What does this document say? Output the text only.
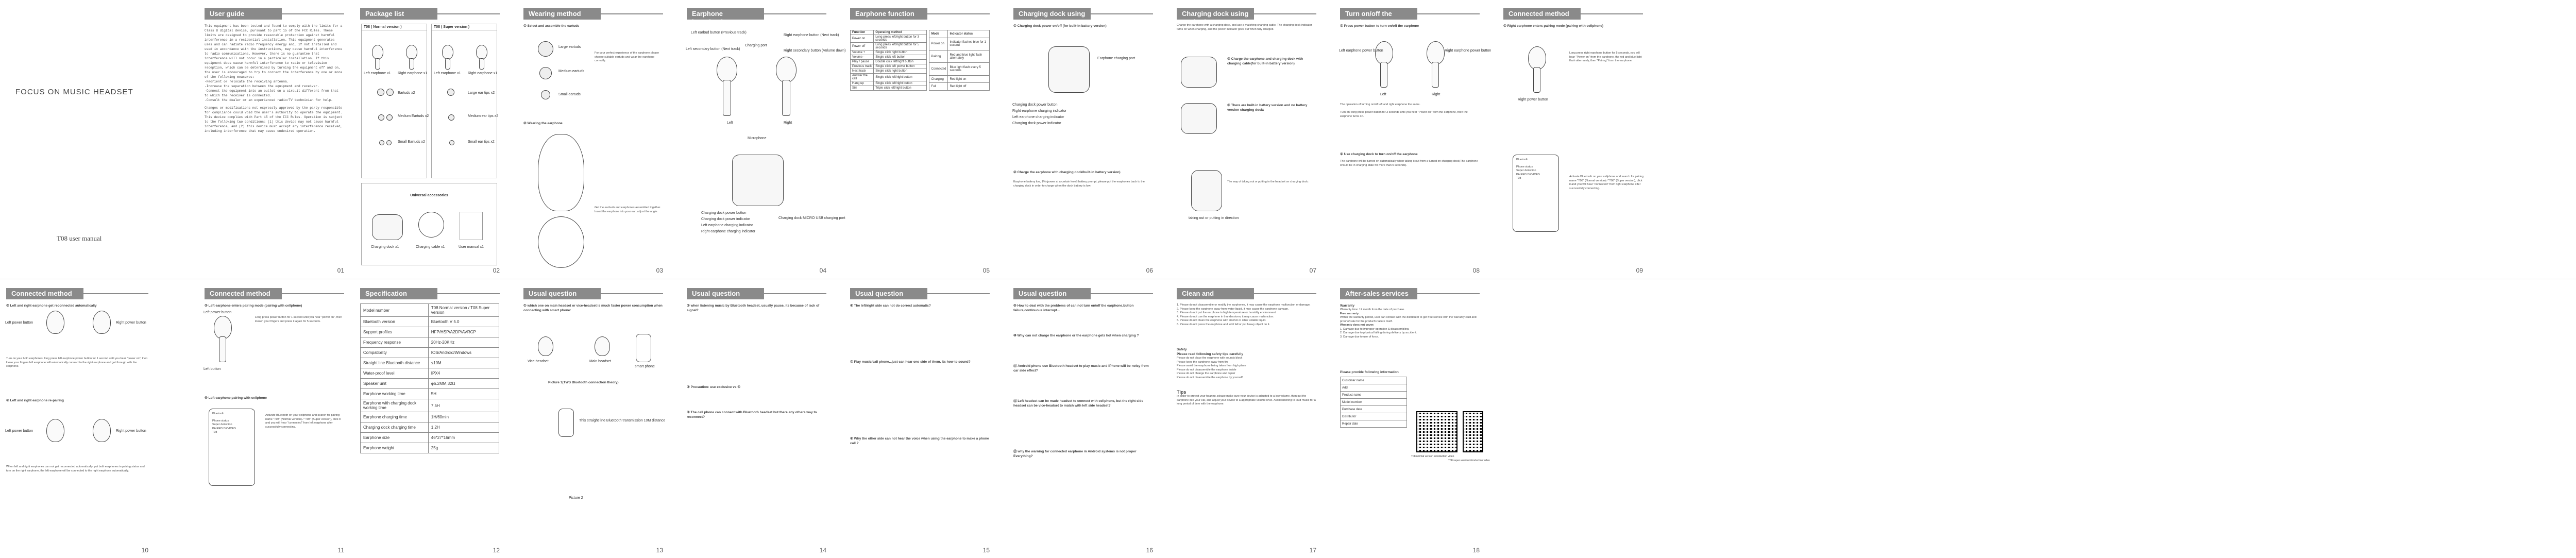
FOCUS ON MUSIC HEADSET
T08 user manual
User guide

This equipment has been tested and found to comply with the limits for a Class B digital device, pursuant to part 15 of the FCC Rules. These limits are designed to provide reasonable protection against harmful interference in a residential installation. This equipment generates uses and can radiate radio frequency energy and, if not installed and used in accordance with the instructions, may cause harmful interference to radio communications. However, there is no guarantee that interference will not occur in a particular installation. If this equipment does cause harmful interference to radio or television reception, which can be determined by turning the equipment off and on, the user is encouraged to try to correct the interference by one or more of the following measures:

-Reorient or relocate the receiving antenna.

-Increase the separation between the equipment and receiver.

-Connect the equipment into an outlet on a circuit different from that to which the receiver is connected.

-Consult the dealer or an experienced radio/TV technician for help.

Changes or modifications not expressly approved by the party responsible for compliance could void the user's authority to operate the equipment. This device complies with Part 15 of the FCC Rules. Operation is subject to the following two conditions: (1) this device may not cause harmful interference, and (2) this device must accept any interference received, including interference that may cause undesired operation.

01
Package list
T08 ( Normal version )
Left earphone x1 Right earphone x1
Eartuds x2
Medium Eartuds x2
Small Eartuds x2
T08 ( Super version )
Left earphone x1 Right earphone x1
Large ear tips x2
Medium ear tips x2
Small ear tips x2
Universal accessories
Charging dock x1	Charging cable x1	User manual x1
02
Wearing method
① Select and assemble the eartuds
Large eartuds
Medium eartuds
Small eartuds
For your perfect experience of the earphone please choose suitable eartuds and wear the earphone correctly.
② Wearing the earphone
Get the earbuds and earphones assembled together. Insert the earphone into your ear, adjust the angle.
03
Earphone introduction
Left earbud button (Previous track)
Left secondary button (Next track)
Charging port
Right earphone button (Next track)
Right secondary button (Volume down)
Left	Right
Microphone
Charging dock power button
Charging dock power indicator
Left earphone charging indicator
Right earphone charging indicator
Charging dock MICRO USB charging port
04
Earphone function
Function	Operating method
Power on	Long press left/right button for 3 seconds
Power off	Long press left/right button for 5 seconds
Volume +	Single click right button
Volume -	Single click left button
Play / pause	Double click left/right button
Previous track	Single click left power button
Next track	Single click right button
Answer the call	Single click left/right button
Hang up	Single click left/right button
Siri	Triple click left/right button
Mode	Indicator status
Power on	Indicator flashes blue for 1 second
Pairing	Red and blue light flash alternately
Connected	Blue light flash every 5 seconds
Charging	Red light on
Full	Red light off
05
Charging dock using method
① Charging dock power on/off (for built-in battery version)
Earphone charging port
Charging dock power button
Right earphone charging indicator
Left earphone charging indicator
Charging dock power indicator
② Charge the earphone with charging dock/built-in battery version)
Earphone battery low, 1% (power at a certain level) battery prompt, please put the earphones back to the charging dock in order to charge when the dock battery is low.
06
Charging dock using method
Charge the earphone with a charging dock, and use a matching charging cable. The charging dock indicator turns on when charging, and the power indicator goes out when fully charged.
③ Charge the earphone and charging dock with charging cable(for built-in battery version)
④ There are built-in battery version and no battery version charging dock:
The way of taking out or putting in the headset on charging dock:
taking out or putting in direction
07
Turn on/off the earphone
① Press power button to turn on/off the earphone
Left earphone power button	Right earphone power button
Left	Right
The operation of turning on/off left and right earphone the same.
Turn on: long press power button for 3 seconds until you hear "Power on" from the earphone, then the earphone turns on.
② Use charging dock to turn on/off the earphone
The earphone will be turned on automatically when taking it out from a turned on charging dock(The earphone should be in charging state for more than 5 seconds).
08
Connected method
① Right earphone enters pairing mode (pairing with cellphone)
Right power button
Long press right earphone button for 5 seconds, you will hear "Power on" from the earphone, the red and blue light flash alternately, then "Pairing" from the earphone.
Bluetooth
Phone status
Super detection
PAIRED DEVICES
T08	Activate Bluetooth on your cellphone and search for pairing name "T08" (Normal version) / "T08" (Super version), click it and you will hear "connected" from right earphone after successfully connecting.
09
Connected method
③ Left and right earphone get reconnected automatically
Left power button	Right power button
Turn on your both earphones, long press left earphone power button for 1 second until you hear "power on", then loose your fingers left earphone will automatically connect to the right earphone and get through with the cellphone.
④ Left and right earphone re-pairing
Left power button	Right power button
When left and right earphones can not get reconnected automatically, put both earphones in pairing status and turn on the right earphone, the left earphone will be connected to the right earphone automatically.
10
Connected method
⑤ Left earphone enters pairing mode (pairing with cellphone)
Left power button
Left button
Long press power button for 1 second until you hear "power on", then loosen your fingers and press it again for 5 seconds.
⑥ Left earphone pairing with cellphone
Bluetooth
Phone status
Super detection
PAIRED DEVICES
T08
Activate Bluetooth on your cellphone and search for pairing name "T08" (Normal version) / "T08" (Super version), click it and you will hear "connected" from left earphone after successfully connecting.
11
Specification
Model number	T08 Normal version / T08 Super version
Bluetooth version	Bluetooth V 5.0
Support profiles	HFP/HSP/A2DP/AVRCP
Frequency response	20Hz-20KHz
Compatibility	IOS/Android/Windows
Straight line Bluetooth distance	≤10M
Water-proof level	IPX4
Speaker unit	φ6.2MM,32Ω
Earphone working time	5H
Earphone with charging dock working time	7.5H
Earphone charging time	1H/60min
Charging dock charging time	1.2H
Earphone size	46*27*16mm
Earphone weight	25g
12
Usual question
① which one on main headset or vice-headset is much faster power consumption when connecting with smart phone:
Vice-headset	Main headset
smart phone
Picture 1(TWS Bluetooth connection theory)
This straight line Bluetooth transmission 10M distance
Picture 2
13
Usual question
② when listening music by Bluetooth headset, usually pause, its because of lack of signal?
③ Precaution: use exclusive vs ④
⑤ The cell phone can connect with Bluetooth headset but there any others way to reconnect?
14
Usual question
⑥ The left/right side can not do correct automatic?
⑦ Play music/call phone...just can hear one side of them. Its how to sound?
⑧ Why the other side can not hear the voice when using the earphone to make a phone call ?
15
Usual question
⑨ How to deal with the problems of can not turn on/off the earphone,button failure,continuous interrupt...
⑩ Why can not charge the earphone or the earphone gets hot when charging ?
⑪ Android phone use Bluetooth headset to play music and iPhone will be noisy from car side effect?
⑫ Left headset can be made headset to connect with cellphone, but the right side headset can be vice-headset to match with left side headset?
⑬ why the warning for connected earphone in Android systems is not proper Everything?
16
Clean and maintenance
1. Please do not disassemble or modify the earphones, it may cause the earphone malfunction or damage.
2. Please keep the earphone away from water liquid, it may cause the earphone damage.
3. Please do not put the earphone in high temperature or humidity environment.
4. Please do not use the earphone in thunderstorm, it may cause malfunction.
5. Please do not clean the earphone with alcohol or other volatile liquid.
6. Please do not press the earphone and let it fall or put heavy object on it.
Safety
Please read following safety tips carefully
Please do not place the earphone with sounds block
Please keep the earphone away from fire
Please avoid the earphone being taken from high place
Please do not disassemble the earphone inside
Please do not change the earphone and repair
Please do not disassemble the earphone by yourself
Tips
In order to protect your hearing, please make sure your device is adjusted to a low volume, then put the earphone into your ear, and adjust your device to a appropriate volume level. Avoid listening to loud music for a long period of time with the earphone.
17
After-sales services
Warranty
Warranty time: 12 month from the date of purchase.
Free warranty:
Within the warranty period, user can contact with the distributor to get free service with the warranty card and proof of sale for the product's failure itself.
Warranty does not cover:
1. Damage due to improper operation & disassembling.
2. Damage due to physical falling during delivery by accident.
3. Damage due to use of force.
Please provide following information
Customer name
Add
Product name
Model number
Purchase date
Distributor
Repair date
T08 normal version introduction video
T08 super version introduction video
18
